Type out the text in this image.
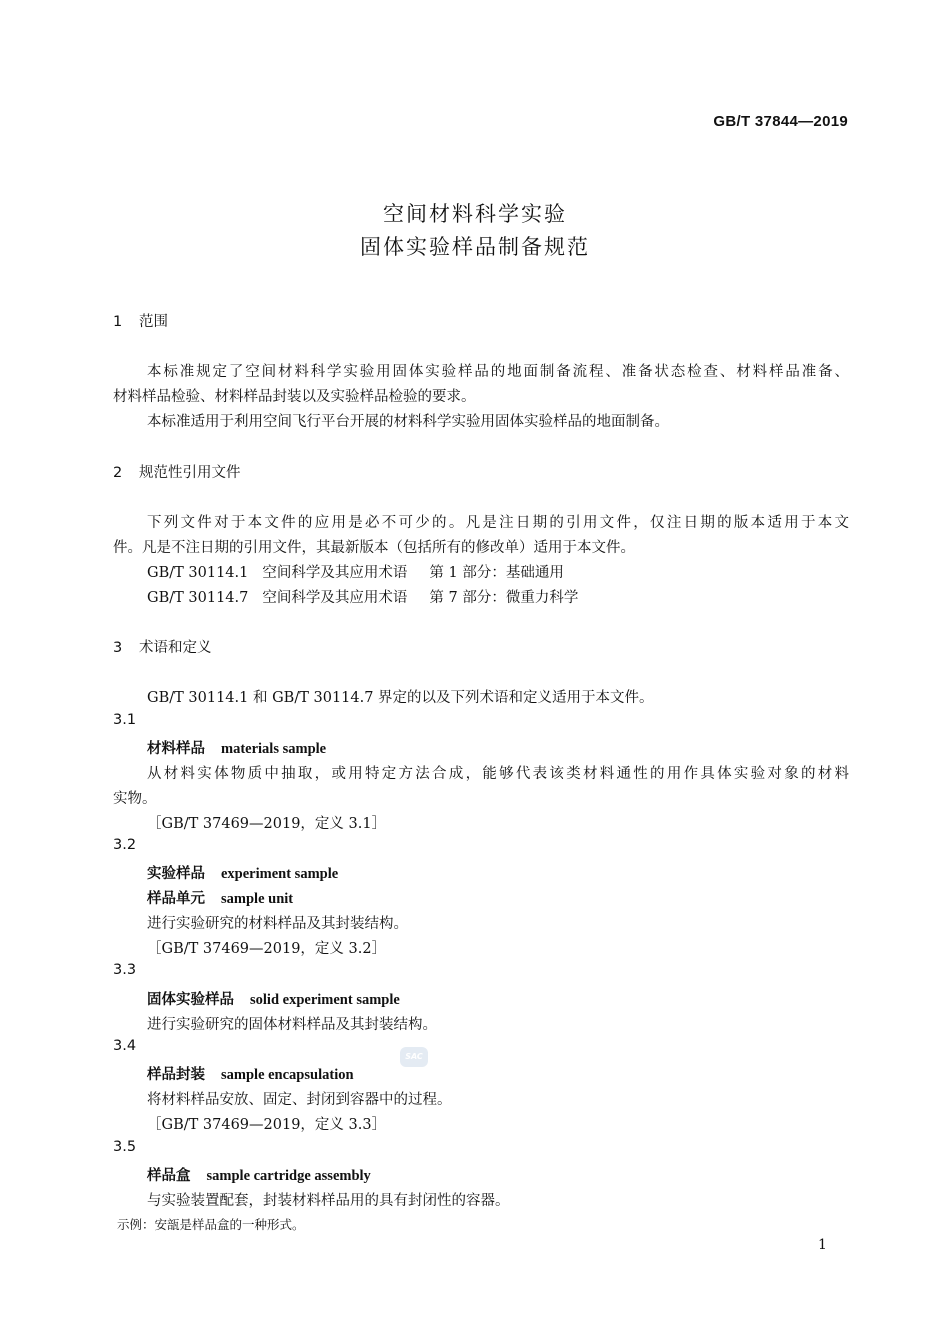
GB/T 37844—2019
空间材料科学实验
固体实验样品制备规范
1 范围
本标准规定了空间材料科学实验用固体实验样品的地面制备流程、准备状态检查、材料样品准备、
材料样品检验、材料样品封装以及实验样品检验的要求。
本标准适用于利用空间飞行平台开展的材料科学实验用固体实验样品的地面制备。
2 规范性引用文件
下列文件对于本文件的应用是必不可少的。凡是注日期的引用文件，仅注日期的版本适用于本文
件。凡是不注日期的引用文件，其最新版本（包括所有的修改单）适用于本文件。
GB/T 30114.1 空间科学及其应用术语 第 1 部分：基础通用
GB/T 30114.7 空间科学及其应用术语 第 7 部分：微重力科学
3 术语和定义
GB/T 30114.1 和 GB/T 30114.7 界定的以及下列术语和定义适用于本文件。
3.1
材料样品 materials sample
从材料实体物质中抽取，或用特定方法合成，能够代表该类材料通性的用作具体实验对象的材料
实物。
［GB/T 37469—2019，定义 3.1］
3.2
实验样品 experiment sample
样品单元 sample unit
进行实验研究的材料样品及其封装结构。
［GB/T 37469—2019，定义 3.2］
3.3
固体实验样品 solid experiment sample
进行实验研究的固体材料样品及其封装结构。
3.4
样品封装 sample encapsulation
SAC
将材料样品安放、固定、封闭到容器中的过程。
［GB/T 37469—2019，定义 3.3］
3.5
样品盒 sample cartridge assembly
与实验装置配套，封装材料样品用的具有封闭性的容器。
示例：安瓿是样品盒的一种形式。
1
